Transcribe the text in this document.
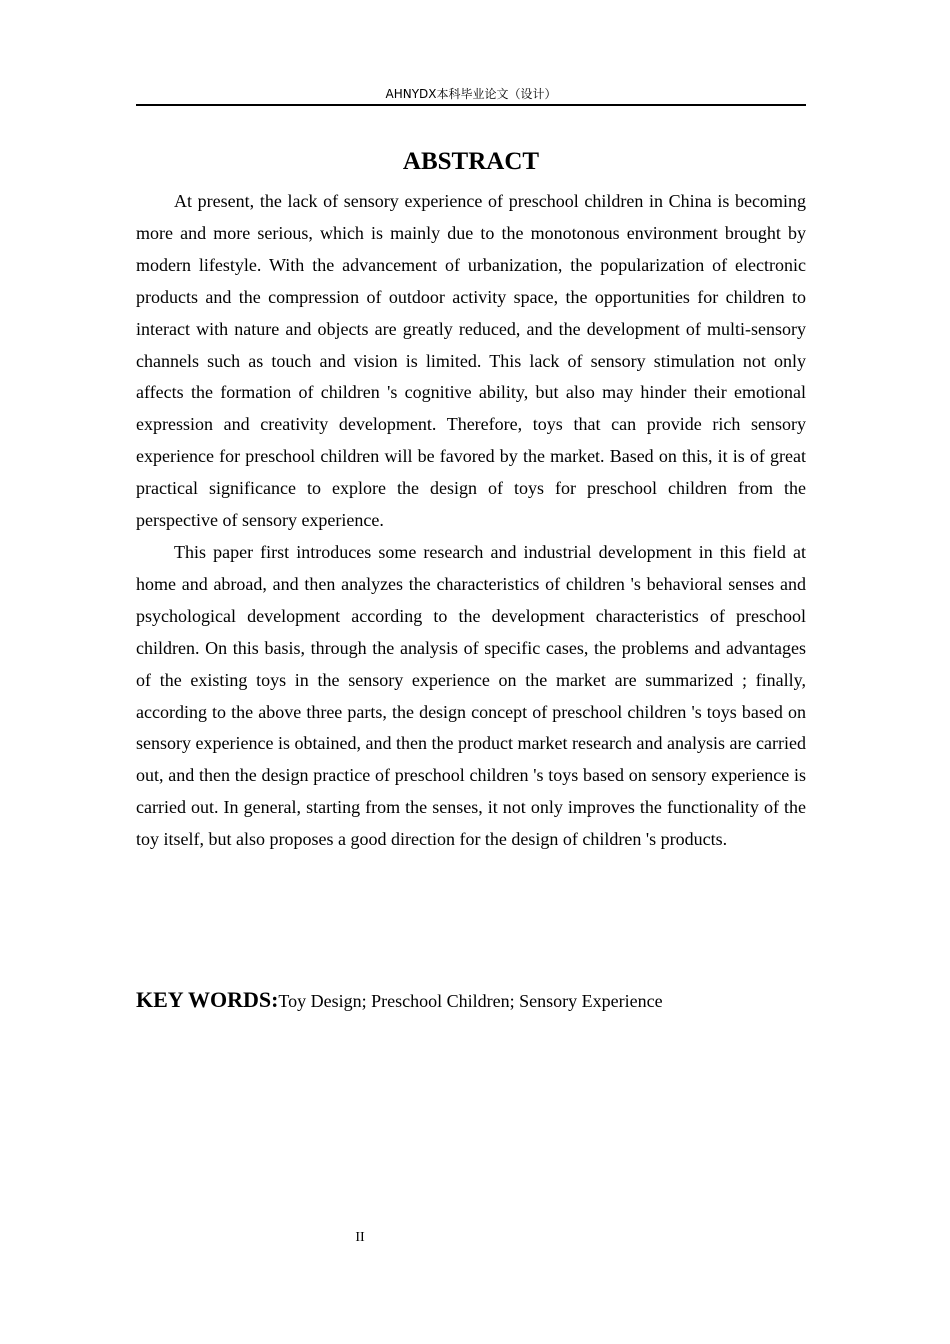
AHNYDX本科毕业论文（设计）
ABSTRACT

At present, the lack of sensory experience of preschool children in China is becoming more and more serious, which is mainly due to the monotonous environment brought by modern lifestyle. With the advancement of urbanization, the popularization of electronic products and the compression of outdoor activity space, the opportunities for children to interact with nature and objects are greatly reduced, and the development of multi-sensory channels such as touch and vision is limited. This lack of sensory stimulation not only affects the formation of children 's cognitive ability, but also may hinder their emotional expression and creativity development. Therefore, toys that can provide rich sensory experience for preschool children will be favored by the market. Based on this, it is of great practical significance to explore the design of toys for preschool children from the perspective of sensory experience.

This paper first introduces some research and industrial development in this field at home and abroad, and then analyzes the characteristics of children 's behavioral senses and psychological development according to the development characteristics of preschool children. On this basis, through the analysis of specific cases, the problems and advantages of the existing toys in the sensory experience on the market are summarized ; finally, according to the above three parts, the design concept of preschool children 's toys based on sensory experience is obtained, and then the product market research and analysis are carried out, and then the design practice of preschool children 's toys based on sensory experience is carried out. In general, starting from the senses, it not only improves the functionality of the toy itself, but also proposes a good direction for the design of children 's products.

KEY WORDS:Toy Design; Preschool Children; Sensory Experience
II
